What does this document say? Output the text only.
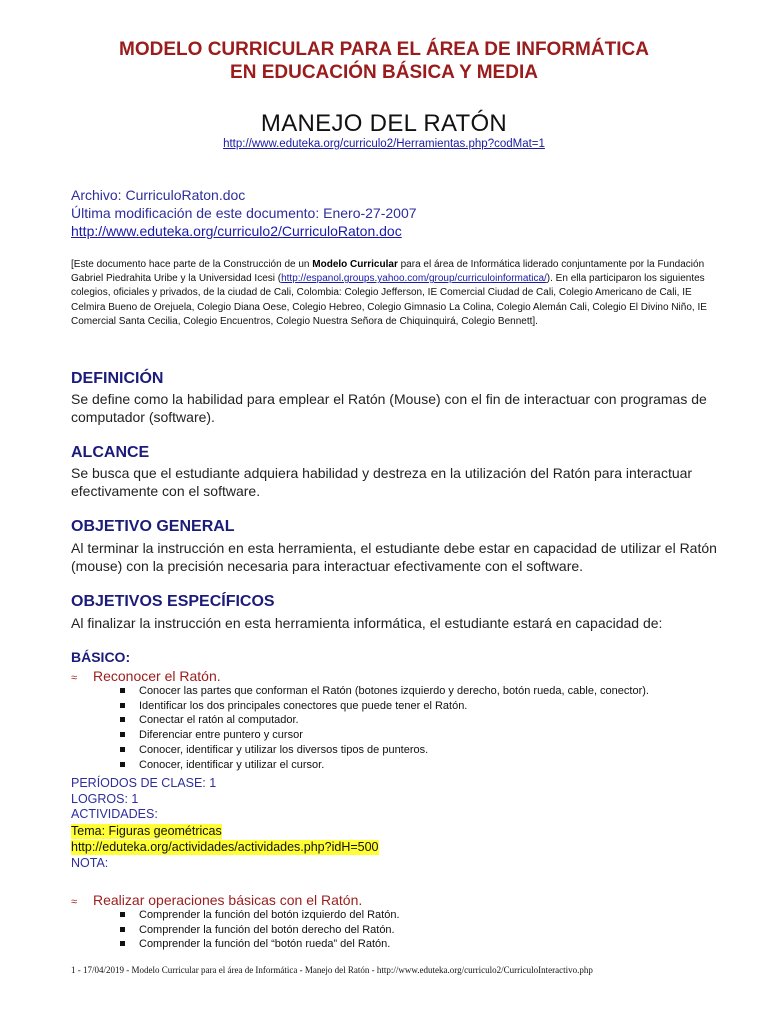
MODELO CURRICULAR PARA EL ÁREA DE INFORMÁTICA
EN EDUCACIÓN BÁSICA Y MEDIA
MANEJO DEL RATÓN
http://www.eduteka.org/curriculo2/Herramientas.php?codMat=1
Archivo: CurriculoRaton.doc
Última modificación de este documento: Enero-27-2007
http://www.eduteka.org/curriculo2/CurriculoRaton.doc
[Este documento hace parte de la Construcción de un Modelo Curricular para el área de Informática liderado conjuntamente por la Fundación Gabriel Piedrahita Uribe y la Universidad Icesi (http://espanol.groups.yahoo.com/group/curriculoinformatica/). En ella participaron los siguientes colegios, oficiales y privados, de la ciudad de Cali, Colombia: Colegio Jefferson, IE Comercial Ciudad de Cali, Colegio Americano de Cali, IE Celmira Bueno de Orejuela, Colegio Diana Oese, Colegio Hebreo, Colegio Gimnasio La Colina, Colegio Alemán Cali, Colegio El Divino Niño, IE Comercial Santa Cecilia, Colegio Encuentros, Colegio Nuestra Señora de Chiquinquirá, Colegio Bennett].
DEFINICIÓN
Se define como la habilidad para emplear el Ratón (Mouse) con el fin de interactuar con programas de computador (software).
ALCANCE
Se busca que el estudiante adquiera habilidad y destreza en la utilización del Ratón para interactuar efectivamente con el software.
OBJETIVO GENERAL
Al terminar la instrucción en esta herramienta, el estudiante debe estar en capacidad de utilizar el Ratón (mouse) con la precisión necesaria para interactuar efectivamente con el software.
OBJETIVOS ESPECÍFICOS
Al finalizar la instrucción en esta herramienta informática, el estudiante estará en capacidad de:
BÁSICO:
≈ Reconocer el Ratón.
Conocer las partes que conforman el Ratón (botones izquierdo y derecho, botón rueda, cable, conector).
Identificar los dos principales conectores que puede tener el Ratón.
Conectar el ratón al computador.
Diferenciar entre puntero y cursor
Conocer, identificar y utilizar los diversos tipos de punteros.
Conocer, identificar y utilizar el cursor.
PERÍODOS DE CLASE: 1
LOGROS: 1
ACTIVIDADES:
Tema: Figuras geométricas
http://eduteka.org/actividades/actividades.php?idH=500
NOTA:
≈ Realizar operaciones básicas con el Ratón.
Comprender la función del botón izquierdo del Ratón.
Comprender la función del botón derecho del Ratón.
Comprender la función del “botón rueda” del Ratón.
1 - 17/04/2019 - Modelo Curricular para el área de Informática - Manejo del Ratón - http://www.eduteka.org/curriculo2/CurriculoInteractivo.php
